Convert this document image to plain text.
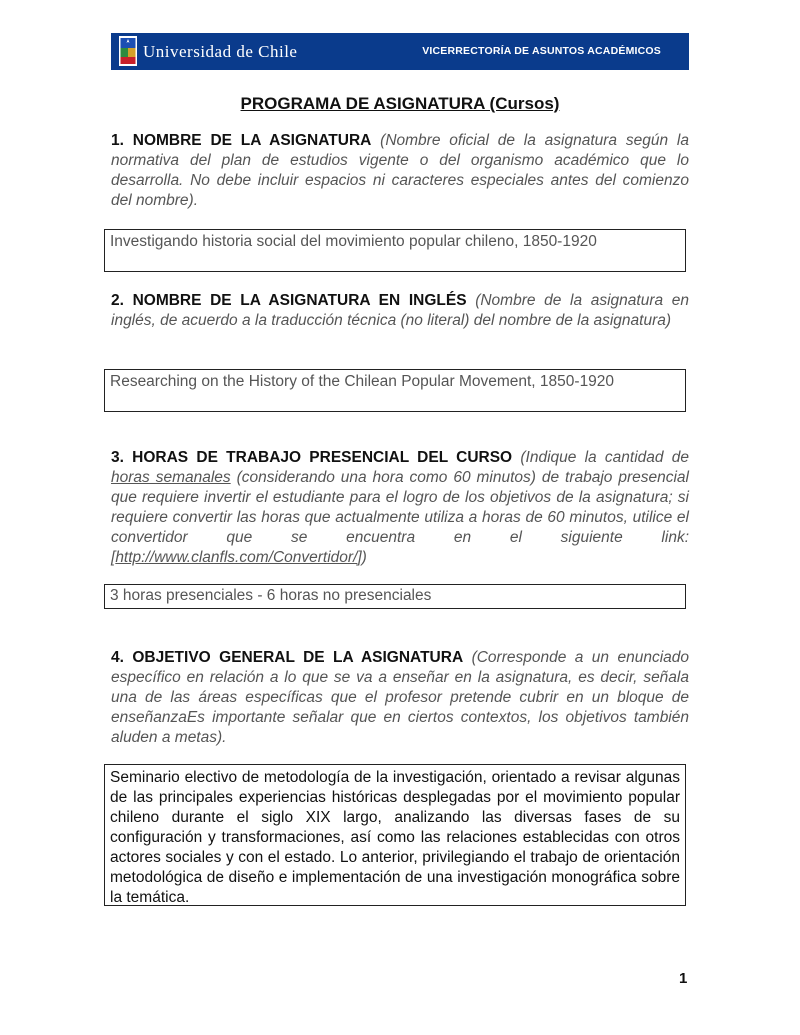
Universidad de Chile	VICERRECTORÍA DE ASUNTOS ACADÉMICOS
PROGRAMA DE ASIGNATURA (Cursos)
1. NOMBRE DE LA ASIGNATURA (Nombre oficial de la asignatura según la normativa del plan de estudios vigente o del organismo académico que lo desarrolla. No debe incluir espacios ni caracteres especiales antes del comienzo del nombre).
Investigando historia social del movimiento popular chileno, 1850-1920
2. NOMBRE DE LA ASIGNATURA EN INGLÉS (Nombre de la asignatura en inglés, de acuerdo a la traducción técnica (no literal) del nombre de la asignatura)
Researching on the History of the Chilean Popular Movement, 1850-1920
3. HORAS DE TRABAJO PRESENCIAL DEL CURSO (Indique la cantidad de horas semanales (considerando una hora como 60 minutos) de trabajo presencial que requiere invertir el estudiante para el logro de los objetivos de la asignatura; si requiere convertir las horas que actualmente utiliza a horas de 60 minutos, utilice el convertidor que se encuentra en el siguiente link: [http://www.clanfls.com/Convertidor/])
3 horas presenciales - 6 horas no presenciales
4. OBJETIVO GENERAL DE LA ASIGNATURA (Corresponde a un enunciado específico en relación a lo que se va a enseñar en la asignatura, es decir, señala una de las áreas específicas que el profesor pretende cubrir en un bloque de enseñanzaEs importante señalar que en ciertos contextos, los objetivos también aluden a metas).
Seminario electivo de metodología de la investigación, orientado a revisar algunas de las principales experiencias históricas desplegadas por el movimiento popular chileno durante el siglo XIX largo, analizando las diversas fases de su configuración y transformaciones, así como las relaciones establecidas con otros actores sociales y con el estado. Lo anterior, privilegiando el trabajo de orientación metodológica de diseño e implementación de una investigación monográfica sobre la temática.
1
